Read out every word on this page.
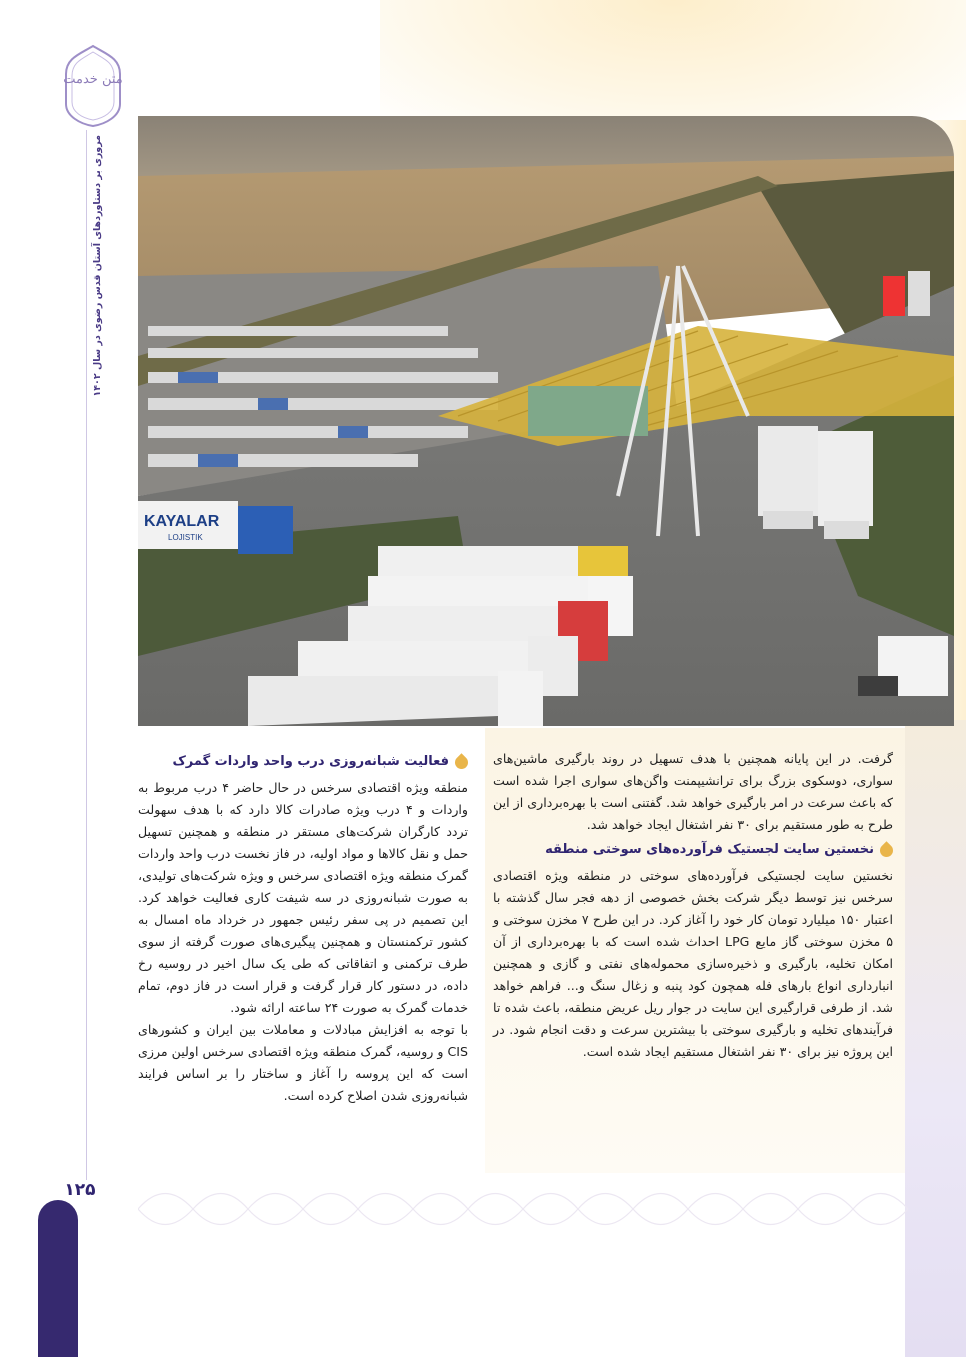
متن خدمت
مروری بر دستاوردهای آستان قدس رضوی در سال ۱۴۰۲
KAYALAR
LOJISTIK

گرفت. در این پایانه همچنین با هدف تسهیل در روند بارگیری ماشین‌های سواری، دوسکوی بزرگ برای ترانشیپمنت واگن‌های سواری اجرا شده است که باعث سرعت در امر بارگیری خواهد شد. گفتنی است با بهره‌برداری از این طرح به طور مستقیم برای ۳۰ نفر اشتغال ایجاد خواهد شد.

نخستین سایت لجستیک فرآورده‌های سوختی منطقه

نخستین سایت لجستیکی فرآورده‌های سوختی در منطقه ویژه اقتصادی سرخس نیز توسط دیگر شرکت بخش خصوصی از دهه فجر سال گذشته با اعتبار ۱۵۰ میلیارد تومان کار خود را آغاز کرد. در این طرح ۷ مخزن سوختی و ۵ مخزن سوختی گاز مایع LPG احداث شده است که با بهره‌برداری از آن امکان تخلیه، بارگیری و ذخیره‌سازی محموله‌های نفتی و گازی و همچنین انبارداری انواع بارهای فله همچون کود پنبه و زغال سنگ و... فراهم خواهد شد. از طرفی قرارگیری این سایت در جوار ریل عریض منطقه، باعث شده تا فرآیندهای تخلیه و بارگیری سوختی با بیشترین سرعت و دقت انجام شود. در این پروژه نیز برای ۳۰ نفر اشتغال مستقیم ایجاد شده است.

فعالیت شبانه‌روزی درب واحد واردات گمرک

منطقه ویژه اقتصادی سرخس در حال حاضر ۴ درب مربوط به واردات و ۴ درب ویژه صادرات کالا دارد که با هدف سهولت تردد کارگران شرکت‌های مستقر در منطقه و همچنین تسهیل حمل و نقل کالاها و مواد اولیه، در فاز نخست درب واحد واردات گمرک منطقه ویژه اقتصادی سرخس و ویژه شرکت‌های تولیدی، به صورت شبانه‌روزی در سه شیفت کاری فعالیت خواهد کرد. این تصمیم در پی سفر رئیس جمهور در خرداد ماه امسال به کشور ترکمنستان و همچنین پیگیری‌های صورت گرفته از سوی طرف ترکمنی و اتفاقاتی که طی یک سال اخیر در روسیه رخ داده، در دستور کار قرار گرفت و قرار است در فاز دوم، تمام خدمات گمرک به صورت ۲۴ ساعته ارائه شود.

با توجه به افزایش مبادلات و معاملات بین ایران و کشورهای CIS و روسیه، گمرک منطقه ویژه اقتصادی سرخس اولین مرزی است که این پروسه را آغاز و ساختار را بر اساس فرایند شبانه‌روزی شدن اصلاح کرده است.

۱۲۵
